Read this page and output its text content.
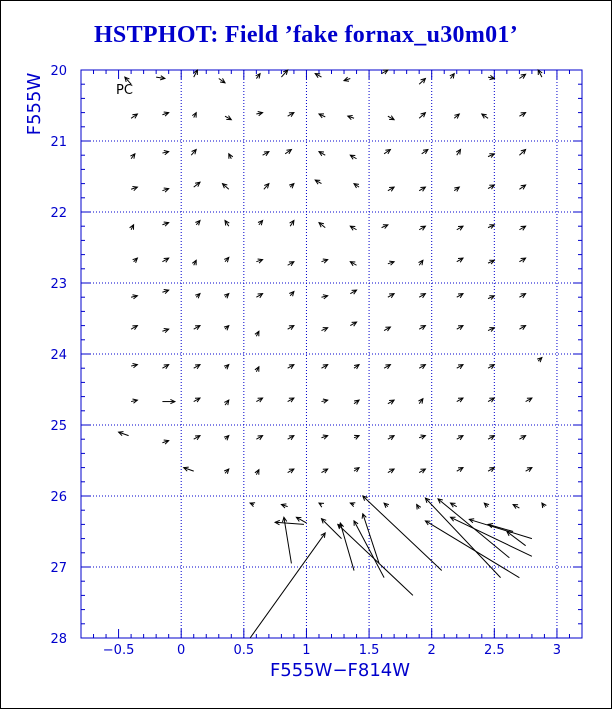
HSTPHOT: Field ’fake fornax_u30m01’
−0.5	0	0.5	1	1.5	2	2.5	3
20
21
22
23
24
25
26
27
28
PC
F555W−F814W
F555W
